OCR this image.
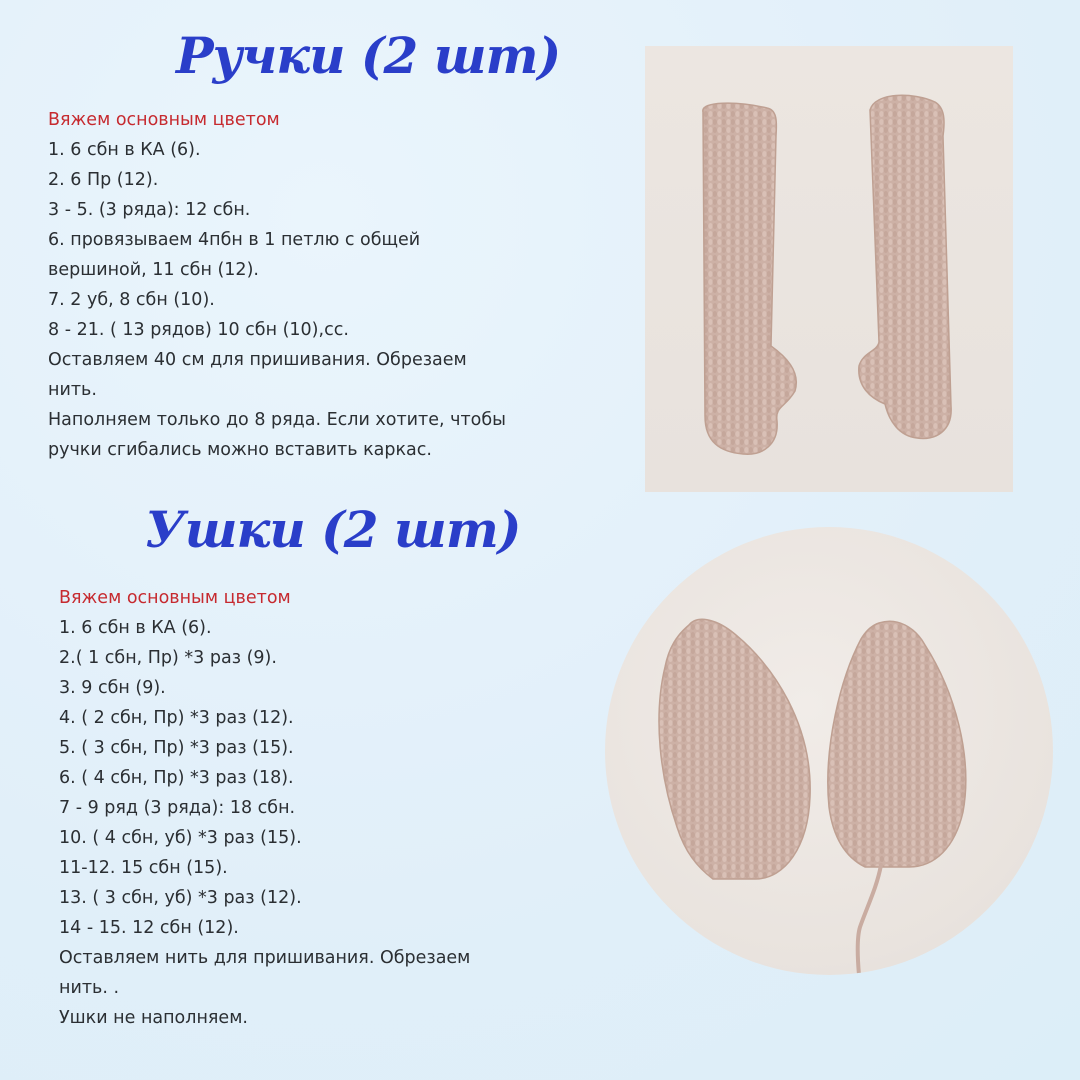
Ручки (2 шт)
Вяжем основным цветом
1. 6 сбн в КА (6).
2. 6 Пр (12).
3 - 5. (3 ряда): 12 сбн.
6. провязываем 4пбн в 1 петлю с общей
вершиной, 11 сбн (12).
7. 2 уб, 8 сбн (10).
8 - 21. ( 13 рядов) 10 сбн (10),сс.
Оставляем 40 см для пришивания. Обрезаем
нить.
Наполняем только до 8 ряда. Если хотите, чтобы
ручки сгибались можно вставить каркас.
Ушки (2 шт)
Вяжем основным цветом
1. 6 сбн в КА (6).
2.( 1 сбн, Пр) *3 раз (9).
3. 9 сбн (9).
4. ( 2 сбн, Пр) *3 раз (12).
5. ( 3 сбн, Пр) *3 раз (15).
6. ( 4 сбн, Пр) *3 раз (18).
7 - 9 ряд (3 ряда): 18 сбн.
10. ( 4 сбн, уб) *3 раз (15).
11-12. 15 сбн (15).
13. ( 3 сбн, уб) *3 раз (12).
14 - 15. 12 сбн (12).
Оставляем нить для пришивания. Обрезаем
нить. .
Ушки не наполняем.
